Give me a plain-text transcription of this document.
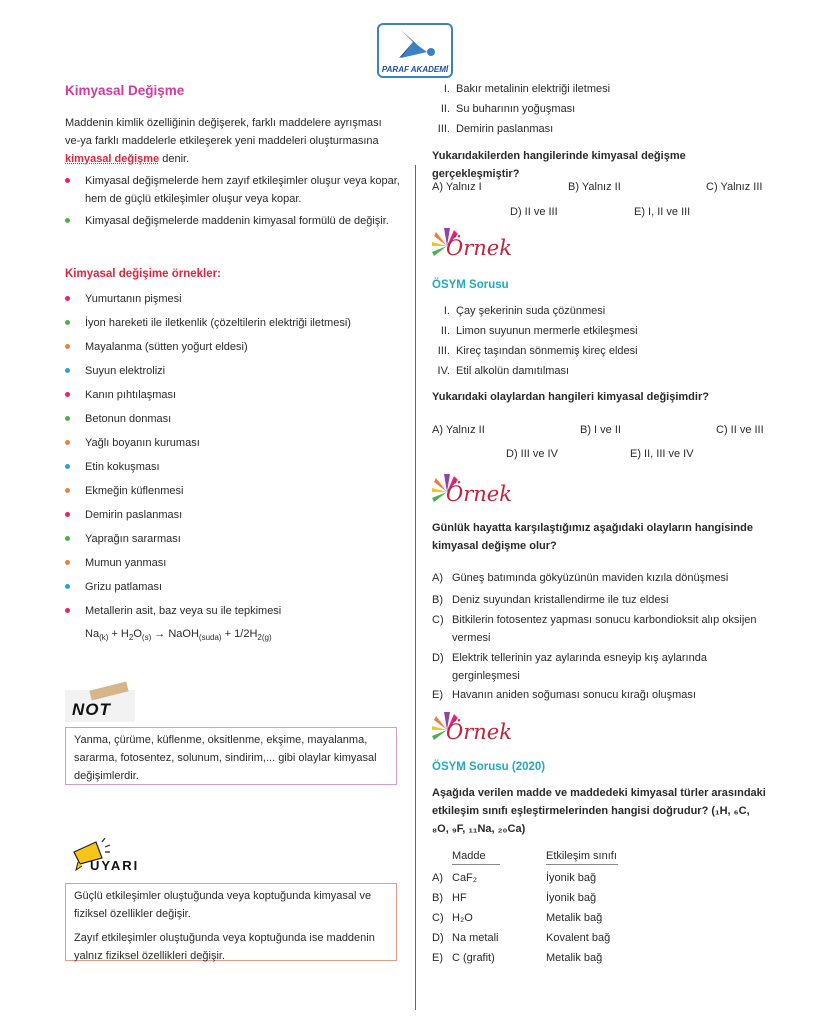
PARAF AKADEMİ
Kimyasal Değişme

Maddenin kimlik özelliğinin değişerek, farklı maddelere ayrışması ve-ya farklı maddelerle etkileşerek yeni maddeleri oluşturmasına kimyasal değişme denir.

Kimyasal değişmelerde hem zayıf etkileşimler oluşur veya kopar, hem de güçlü etkileşimler oluşur veya kopar.
Kimyasal değişmelerde maddenin kimyasal formülü de değişir.
Kimyasal değişime örnekler:
Yumurtanın pişmesi
İyon hareketi ile iletkenlik (çözeltilerin elektriği iletmesi)
Mayalanma (sütten yoğurt eldesi)
Suyun elektrolizi
Kanın pıhtılaşması
Betonun donması
Yağlı boyanın kuruması
Etin kokuşması
Ekmeğin küflenmesi
Demirin paslanması
Yaprağın sararması
Mumun yanması
Grizu patlaması
Metallerin asit, baz veya su ile tepkimesi
$Na_{(k)} + H_2O_{(s)}$ → NaOH$_{(suda)}$ + $1/2H_{2(g)}$
NOT
Yanma, çürüme, küflenme, oksitlenme, ekşime, mayalanma, sararma, fotosentez, solunum, sindirim,... gibi olaylar kimyasal değişimlerdir.
UYARI

Güçlü etkileşimler oluştuğunda veya koptuğunda kimyasal ve fiziksel özellikler değişir.

Zayıf etkileşimler oluştuğunda veya koptuğunda ise maddenin yalnız fiziksel özellikleri değişir.

I. Bakır metalinin elektriği iletmesi
II. Su buharının yoğuşması
III. Demirin paslanması
Yukarıdakilerden hangilerinde kimyasal değişme gerçekleşmiştir?
A) Yalnız I	B) Yalnız II	C) Yalnız III
D) II ve III	E) I, II ve III
Örnek
ÖSYM Sorusu
I. Çay şekerinin suda çözünmesi
II. Limon suyunun mermerle etkileşmesi
III. Kireç taşından sönmemiş kireç eldesi
IV. Etil alkolün damıtılması
Yukarıdaki olaylardan hangileri kimyasal değişimdir?
A) Yalnız II	B) I ve II	C) II ve III
D) III ve IV	E) II, III ve IV
Örnek
Günlük hayatta karşılaştığımız aşağıdaki olayların hangisinde kimyasal değişme olur?
A) Güneş batımında gökyüzünün maviden kızıla dönüşmesi
B) Deniz suyundan kristallendirme ile tuz eldesi
C) Bitkilerin fotosentez yapması sonucu karbondioksit alıp oksijen vermesi
D) Elektrik tellerinin yaz aylarında esneyip kış aylarında gerginleşmesi
E) Havanın aniden soğuması sonucu kırağı oluşması
Örnek
ÖSYM Sorusu (2020)
Aşağıda verilen madde ve maddedeki kimyasal türler arasındaki etkileşim sınıfı eşleştirmelerinden hangisi doğrudur? (₁H, ₆C, ₈O, ₉F, ₁₁Na, ₂₀Ca)
Madde	Etkileşim sınıfı
A) CaF₂	İyonik bağ
B) HF	İyonik bağ
C) H₂O	Metalik bağ
D) Na metali	Kovalent bağ
E) C (grafit)	Metalik bağ
